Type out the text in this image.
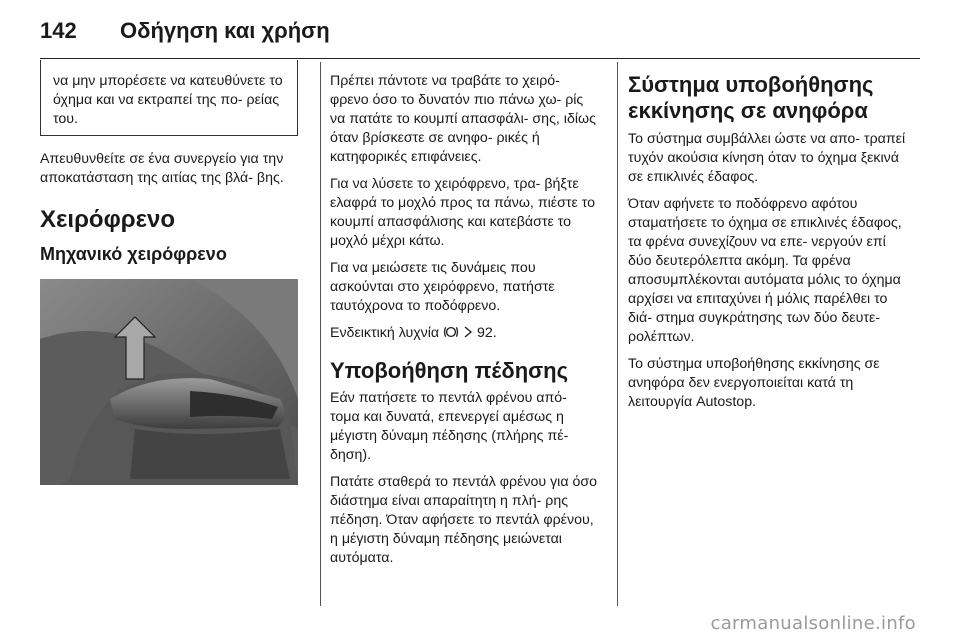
142	Οδήγηση και χρήση

να μην μπορέσετε να κατευθύνετε το όχημα και να εκτραπεί της πο- ρείας του.

Απευθυνθείτε σε ένα συνεργείο για την αποκατάσταση της αιτίας της βλά- βης.

Χειρόφρενο
Μηχανικό χειρόφρενο

Πρέπει πάντοτε να τραβάτε το χειρό- φρενο όσο το δυνατόν πιο πάνω χω- ρίς να πατάτε το κουμπί απασφάλι- σης, ιδίως όταν βρίσκεστε σε ανηφο- ρικές ή κατηφορικές επιφάνειες.

Για να λύσετε το χειρόφρενο, τρα- βήξτε ελαφρά το μοχλό προς τα πάνω, πιέστε το κουμπί απασφάλισης και κατεβάστε το μοχλό μέχρι κάτω.

Για να μειώσετε τις δυνάμεις που ασκούνται στο χειρόφρενο, πατήστε ταυτόχρονα το ποδόφρενο.

Ενδεικτική λυχνία	92.

Υποβοήθηση πέδησης

Εάν πατήσετε το πεντάλ φρένου από- τομα και δυνατά, επενεργεί αμέσως η μέγιστη δύναμη πέδησης (πλήρης πέ- δηση).

Πατάτε σταθερά το πεντάλ φρένου για όσο διάστημα είναι απαραίτητη η πλή- ρης πέδηση. Όταν αφήσετε το πεντάλ φρένου, η μέγιστη δύναμη πέδησης μειώνεται αυτόματα.

Σύστημα υποβοήθησης εκκίνησης σε ανηφόρα

Το σύστημα συμβάλλει ώστε να απο- τραπεί τυχόν ακούσια κίνηση όταν το όχημα ξεκινά σε επικλινές έδαφος.

Όταν αφήνετε το ποδόφρενο αφότου σταματήσετε το όχημα σε επικλινές έδαφος, τα φρένα συνεχίζουν να επε- νεργούν επί δύο δευτερόλεπτα ακόμη. Τα φρένα αποσυμπλέκονται αυτόματα μόλις το όχημα αρχίσει να επιταχύνει ή μόλις παρέλθει το διά- στημα συγκράτησης των δύο δευτε- ρολέπτων.

Το σύστημα υποβοήθησης εκκίνησης σε ανηφόρα δεν ενεργοποιείται κατά τη λειτουργία Autostop.

carmanualsonline.info
